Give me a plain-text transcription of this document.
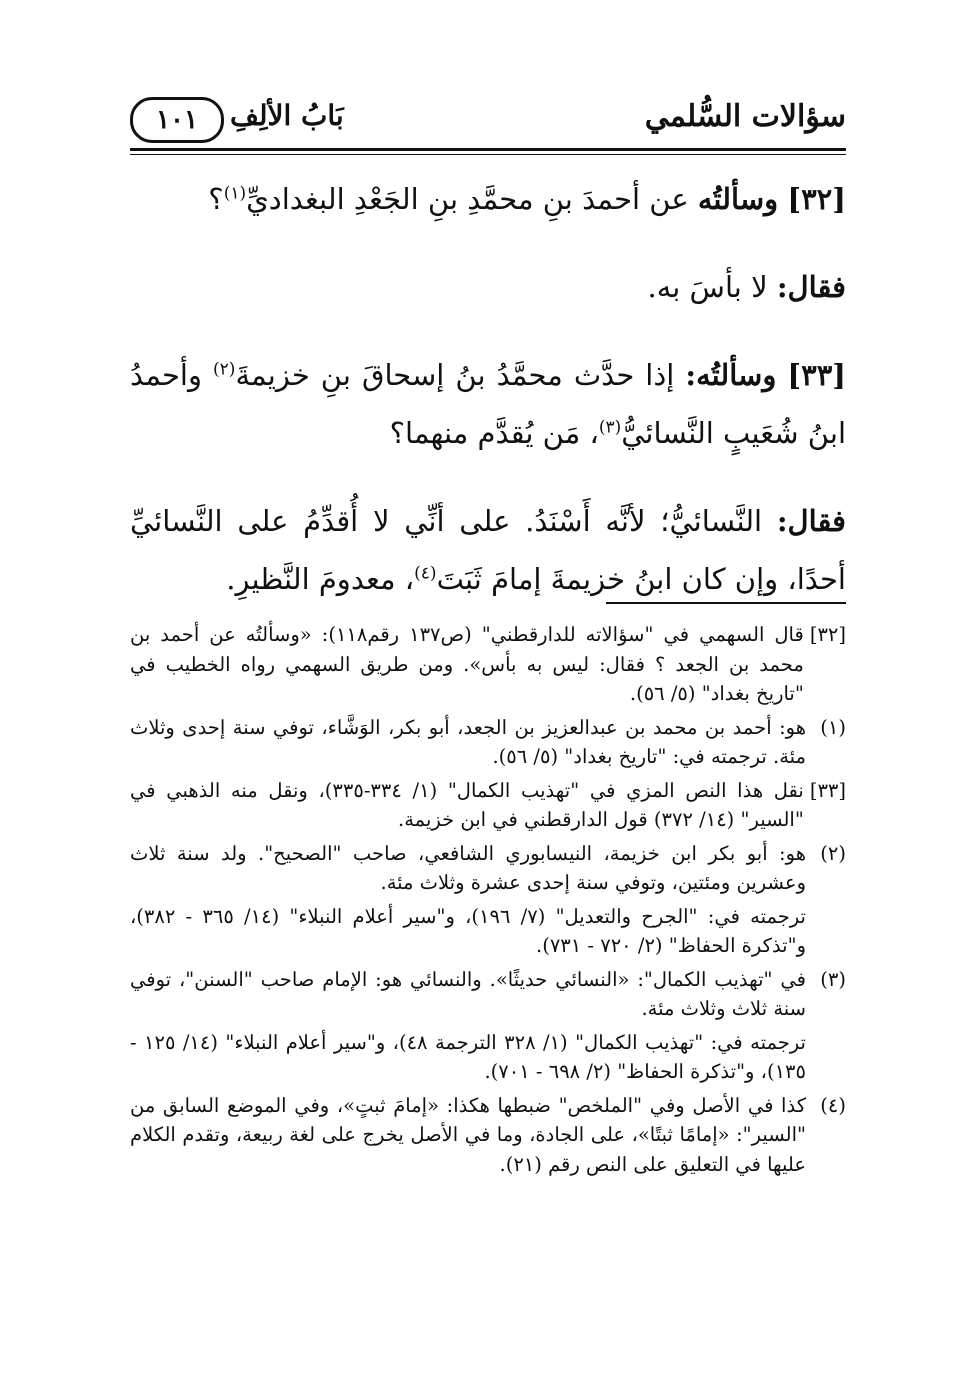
سؤالات السُّلمي
بَابُ الألِفِ
١٠١

[٣٢] وسألتُه عن أحمدَ بنِ محمَّدِ بنِ الجَعْدِ البغداديِّ$^{(١)}$؟

فقال: لا بأسَ به.

[٣٣] وسألتُه: إذا حدَّث محمَّدُ بنُ إسحاقَ بنِ خزيمةَ$^{(٢)}$ وأحمدُ ابنُ شُعَيبٍ النَّسائيُّ$^{(٣)}$، مَن يُقدَّم منهما؟

فقال: النَّسائيُّ؛ لأنَّه أَسْنَدُ. على أنِّي لا أُقدِّمُ على النَّسائيِّ أحدًا، وإن كان ابنُ خزيمةَ إمامَ ثَبَتَ$^{(٤)}$، معدومَ النَّظيرِ.

[٣٢]
قال السهمي في "سؤالاته للدارقطني" (ص١٣٧ رقم١١٨): «وسألتُه عن أحمد بن محمد بن الجعد ؟ فقال: ليس به بأس». ومن طريق السهمي رواه الخطيب في "تاريخ بغداد" (٥/ ٥٦).
(١)
هو: أحمد بن محمد بن عبدالعزيز بن الجعد، أبو بكر، الوَشَّاء، توفي سنة إحدى وثلاث مئة. ترجمته في: "تاريخ بغداد" (٥/ ٥٦).
[٣٣]
نقل هذا النص المزي في "تهذيب الكمال" (١/ ٣٣٤-٣٣٥)، ونقل منه الذهبي في "السير" (١٤/ ٣٧٢) قول الدارقطني في ابن خزيمة.
(٢)
هو: أبو بكر ابن خزيمة، النيسابوري الشافعي، صاحب "الصحيح". ولد سنة ثلاث وعشرين ومئتين، وتوفي سنة إحدى عشرة وثلاث مئة.
ترجمته في: "الجرح والتعديل" (٧/ ١٩٦)، و"سير أعلام النبلاء" (١٤/ ٣٦٥ - ٣٨٢)، و"تذكرة الحفاظ" (٢/ ٧٢٠ - ٧٣١).
(٣)
في "تهذيب الكمال": «النسائي حديثًا». والنسائي هو: الإمام صاحب "السنن"، توفي سنة ثلاث وثلاث مئة.
ترجمته في: "تهذيب الكمال" (١/ ٣٢٨ الترجمة ٤٨)، و"سير أعلام النبلاء" (١٤/ ١٢٥ - ١٣٥)، و"تذكرة الحفاظ" (٢/ ٦٩٨ - ٧٠١).
(٤)
كذا في الأصل وفي "الملخص" ضبطها هكذا: «إمامَ ثبتٍ»، وفي الموضع السابق من "السير": «إمامًا ثبتًا»، على الجادة، وما في الأصل يخرج على لغة ربيعة، وتقدم الكلام عليها في التعليق على النص رقم (٢١).
